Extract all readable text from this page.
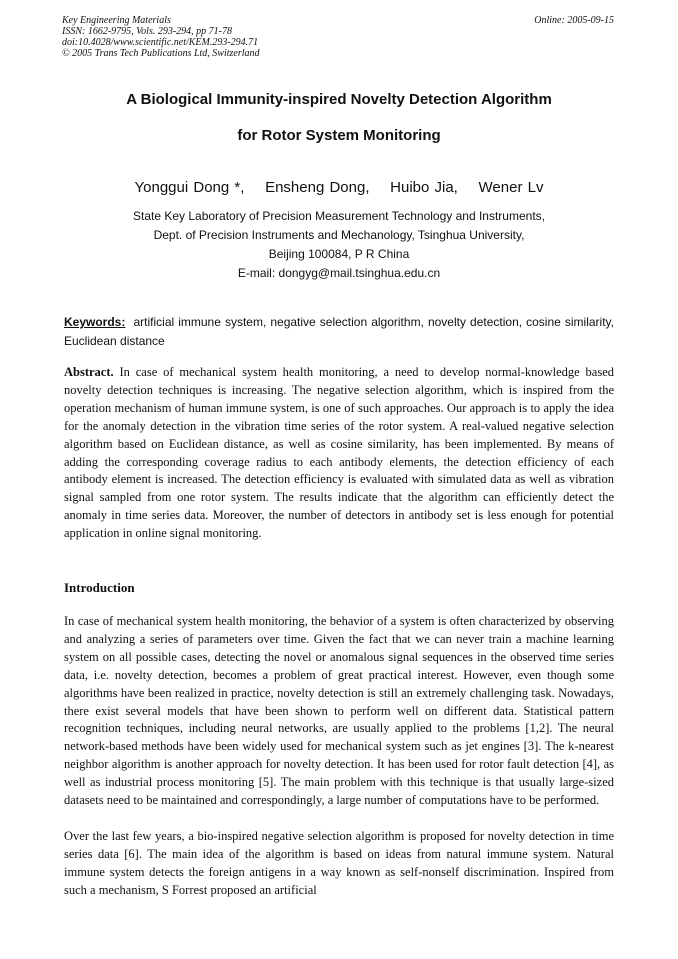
Key Engineering Materials
ISSN: 1662-9795, Vols. 293-294, pp 71-78
doi:10.4028/www.scientific.net/KEM.293-294.71
© 2005 Trans Tech Publications Ltd, Switzerland
Online: 2005-09-15
A Biological Immunity-inspired Novelty Detection Algorithm
for Rotor System Monitoring
Yonggui Dong *,    Ensheng Dong,    Huibo Jia,    Wener Lv
State Key Laboratory of Precision Measurement Technology and Instruments,
Dept. of Precision Instruments and Mechanology, Tsinghua University,
Beijing 100084, P R China
E-mail: dongyg@mail.tsinghua.edu.cn
Keywords: artificial immune system, negative selection algorithm, novelty detection, cosine similarity, Euclidean distance
Abstract. In case of mechanical system health monitoring, a need to develop normal-knowledge based novelty detection techniques is increasing. The negative selection algorithm, which is inspired from the operation mechanism of human immune system, is one of such approaches. Our approach is to apply the idea for the anomaly detection in the vibration time series of the rotor system. A real-valued negative selection algorithm based on Euclidean distance, as well as cosine similarity, has been implemented. By means of adding the corresponding coverage radius to each antibody elements, the detection efficiency of each antibody element is increased. The detection efficiency is evaluated with simulated data as well as vibration signal sampled from one rotor system. The results indicate that the algorithm can efficiently detect the anomaly in time series data. Moreover, the number of detectors in antibody set is less enough for potential application in online signal monitoring.
Introduction
In case of mechanical system health monitoring, the behavior of a system is often characterized by observing and analyzing a series of parameters over time. Given the fact that we can never train a machine learning system on all possible cases, detecting the novel or anomalous signal sequences in the observed time series data, i.e. novelty detection, becomes a problem of great practical interest. However, even though some algorithms have been realized in practice, novelty detection is still an extremely challenging task. Nowadays, there exist several models that have been shown to perform well on different data. Statistical pattern recognition techniques, including neural networks, are usually applied to the problems [1,2]. The neural network-based methods have been widely used for mechanical system such as jet engines [3]. The k-nearest neighbor algorithm is another approach for novelty detection. It has been used for rotor fault detection [4], as well as industrial process monitoring [5]. The main problem with this technique is that usually large-sized datasets need to be maintained and correspondingly, a large number of computations have to be performed.
Over the last few years, a bio-inspired negative selection algorithm is proposed for novelty detection in time series data [6]. The main idea of the algorithm is based on ideas from natural immune system. Natural immune system detects the foreign antigens in a way known as self-nonself discrimination. Inspired from such a mechanism, S Forrest proposed an artificial
